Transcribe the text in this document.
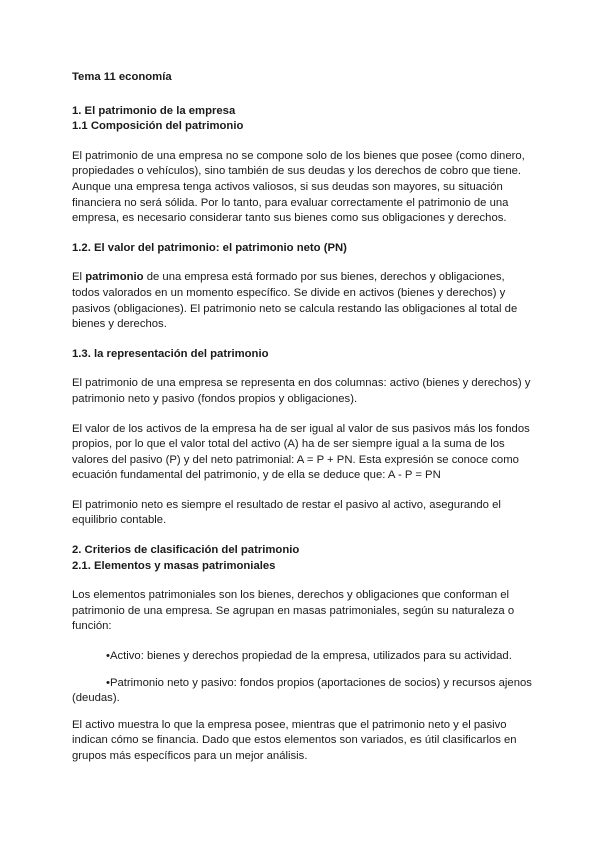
Tema 11 economía

1. El patrimonio de la empresa

1.1 Composición del patrimonio

El patrimonio de una empresa no se compone solo de los bienes que posee (como dinero, propiedades o vehículos), sino también de sus deudas y los derechos de cobro que tiene. Aunque una empresa tenga activos valiosos, si sus deudas son mayores, su situación financiera no será sólida. Por lo tanto, para evaluar correctamente el patrimonio de una empresa, es necesario considerar tanto sus bienes como sus obligaciones y derechos.

1.2. El valor del patrimonio: el patrimonio neto (PN)

El patrimonio de una empresa está formado por sus bienes, derechos y obligaciones, todos valorados en un momento específico. Se divide en activos (bienes y derechos) y pasivos (obligaciones). El patrimonio neto se calcula restando las obligaciones al total de bienes y derechos.

1.3. la representación del patrimonio

El patrimonio de una empresa se representa en dos columnas: activo (bienes y derechos) y patrimonio neto y pasivo (fondos propios y obligaciones).

El valor de los activos de la empresa ha de ser igual al valor de sus pasivos más los fondos propios, por lo que el valor total del activo (A) ha de ser siempre igual a la suma de los valores del pasivo (P) y del neto patrimonial: A = P + PN. Esta expresión se conoce como ecuación fundamental del patrimonio, y de ella se deduce que: A - P = PN

El patrimonio neto es siempre el resultado de restar el pasivo al activo, asegurando el equilibrio contable.

2. Criterios de clasificación del patrimonio

2.1. Elementos y masas patrimoniales

Los elementos patrimoniales son los bienes, derechos y obligaciones que conforman el patrimonio de una empresa. Se agrupan en masas patrimoniales, según su naturaleza o función:

•Activo: bienes y derechos propiedad de la empresa, utilizados para su actividad.

•Patrimonio neto y pasivo: fondos propios (aportaciones de socios) y recursos ajenos (deudas).

El activo muestra lo que la empresa posee, mientras que el patrimonio neto y el pasivo indican cómo se financia. Dado que estos elementos son variados, es útil clasificarlos en grupos más específicos para un mejor análisis.
